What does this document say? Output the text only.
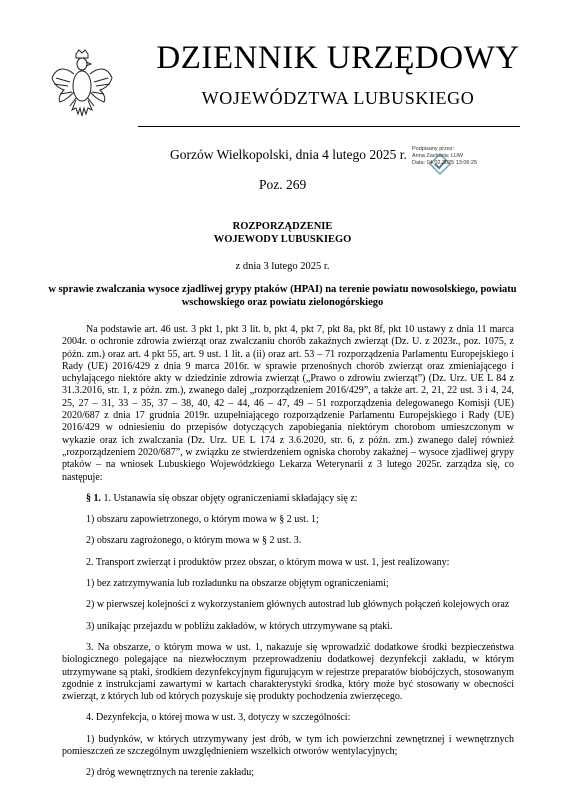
DZIENNIK URZĘDOWY
WOJEWÓDZTWA LUBUSKIEGO
Gorzów Wielkopolski, dnia 4 lutego 2025 r.
Poz. 269
Podpisany przez:
Anna Zacharia; LUW
Data: 04.02.2025 13:06:25
ROZPORZĄDZENIE
WOJEWODY LUBUSKIEGO
z dnia 3 lutego 2025 r.
w sprawie zwalczania wysoce zjadliwej grypy ptaków (HPAI) na terenie powiatu nowosolskiego, powiatu
wschowskiego oraz powiatu zielonogórskiego

Na podstawie art. 46 ust. 3 pkt 1, pkt 3 lit. b, pkt 4, pkt 7, pkt 8a, pkt 8f, pkt 10 ustawy z dnia 11 marca 2004r. o ochronie zdrowia zwierząt oraz zwalczaniu chorób zakaźnych zwierząt (Dz. U. z 2023r., poz. 1075, z późn. zm.) oraz art. 4 pkt 55, art. 9 ust. 1 lit. a (ii) oraz art. 53 – 71 rozporządzenia Parlamentu Europejskiego i Rady (UE) 2016/429 z dnia 9 marca 2016r. w sprawie przenośnych chorób zwierząt oraz zmieniającego i uchylającego niektóre akty w dziedzinie zdrowia zwierząt („Prawo o zdrowiu zwierząt”) (Dz. Urz. UE L 84 z 31.3.2016, str. 1, z późn. zm.), zwanego dalej „rozporządzeniem 2016/429”, a także art. 2, 21, 22 ust. 3 i 4, 24, 25, 27 – 31, 33 – 35, 37 – 38, 40, 42 – 44, 46 – 47, 49 – 51 rozporządzenia delegowanego Komisji (UE) 2020/687 z dnia 17 grudnia 2019r. uzupełniającego rozporządzenie Parlamentu Europejskiego i Rady (UE) 2016/429 w odniesieniu do przepisów dotyczących zapobiegania niektórym chorobom umieszczonym w wykazie oraz ich zwalczania (Dz. Urz. UE L 174 z 3.6.2020, str. 6, z późn. zm.) zwanego dalej również „rozporządzeniem 2020/687”, w związku ze stwierdzeniem ogniska choroby zakaźnej – wysoce zjadliwej grypy ptaków – na wniosek Lubuskiego Wojewódzkiego Lekarza Weterynarii z 3 lutego 2025r. zarządza się, co następuje:

§ 1. 1. Ustanawia się obszar objęty ograniczeniami składający się z:

1) obszaru zapowietrzonego, o którym mowa w § 2 ust. 1;

2) obszaru zagrożonego, o którym mowa w § 2 ust. 3.

2. Transport zwierząt i produktów przez obszar, o którym mowa w ust. 1, jest realizowany:

1) bez zatrzymywania lub rozładunku na obszarze objętym ograniczeniami;

2) w pierwszej kolejności z wykorzystaniem głównych autostrad lub głównych połączeń kolejowych oraz

3) unikając przejazdu w pobliżu zakładów, w których utrzymywane są ptaki.

3. Na obszarze, o którym mowa w ust. 1, nakazuje się wprowadzić dodatkowe środki bezpieczeństwa biologicznego polegające na niezwłocznym przeprowadzeniu dodatkowej dezynfekcji zakładu, w którym utrzymywane są ptaki, środkiem dezynfekcyjnym figurującym w rejestrze preparatów biobójczych, stosowanym zgodnie z instrukcjami zawartymi w kartach charakterystyki środka, który może być stosowany w obecności zwierząt, z których lub od których pozyskuje się produkty pochodzenia zwierzęcego.

4. Dezynfekcja, o której mowa w ust. 3, dotyczy w szczególności:

1) budynków, w których utrzymywany jest drób, w tym ich powierzchni zewnętrznej i wewnętrznych pomieszczeń ze szczególnym uwzględnieniem wszelkich otworów wentylacyjnych;

2) dróg wewnętrznych na terenie zakładu;
